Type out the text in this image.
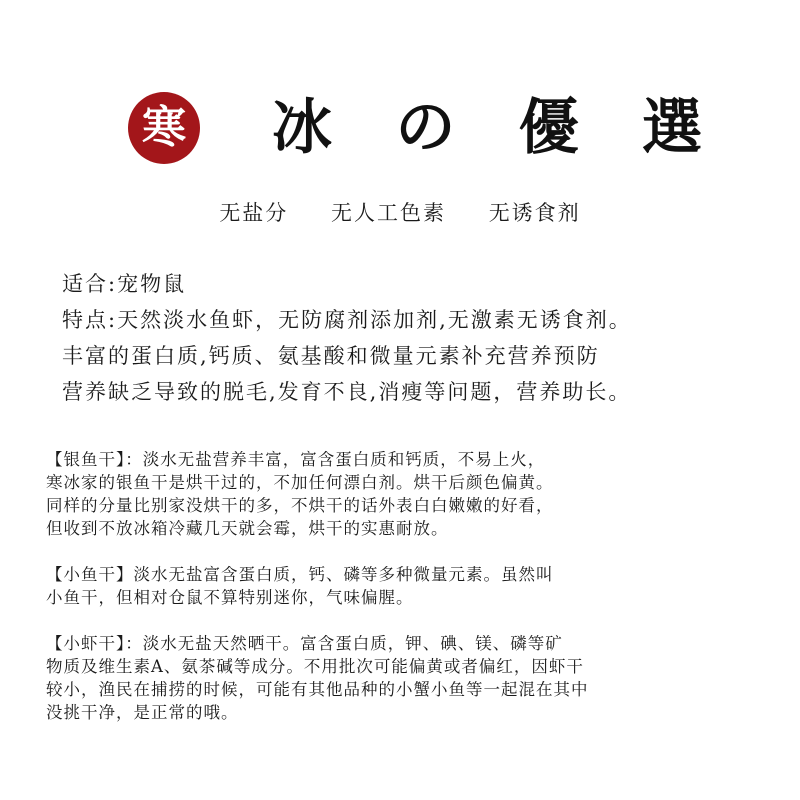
寒 冰 の 優 選
无盐分 无人工色素 无诱食剂

适合:宠物鼠

特点:天然淡水鱼虾，无防腐剂添加剂,无激素无诱食剂。

丰富的蛋白质,钙质、氨基酸和微量元素补充营养预防

营养缺乏导致的脱毛,发育不良,消瘦等问题，营养助长。

【银鱼干】：淡水无盐营养丰富，富含蛋白质和钙质，不易上火，

寒冰家的银鱼干是烘干过的，不加任何漂白剂。烘干后颜色偏黄。

同样的分量比别家没烘干的多，不烘干的话外表白白嫩嫩的好看，

但收到不放冰箱冷藏几天就会霉，烘干的实惠耐放。

【小鱼干】淡水无盐富含蛋白质，钙、磷等多种微量元素。虽然叫

小鱼干，但相对仓鼠不算特别迷你，气味偏腥。

【小虾干】：淡水无盐天然晒干。富含蛋白质，钾、碘、镁、磷等矿

物质及维生素A、氨茶碱等成分。不用批次可能偏黄或者偏红，因虾干

较小，渔民在捕捞的时候，可能有其他品种的小蟹小鱼等一起混在其中

没挑干净，是正常的哦。
